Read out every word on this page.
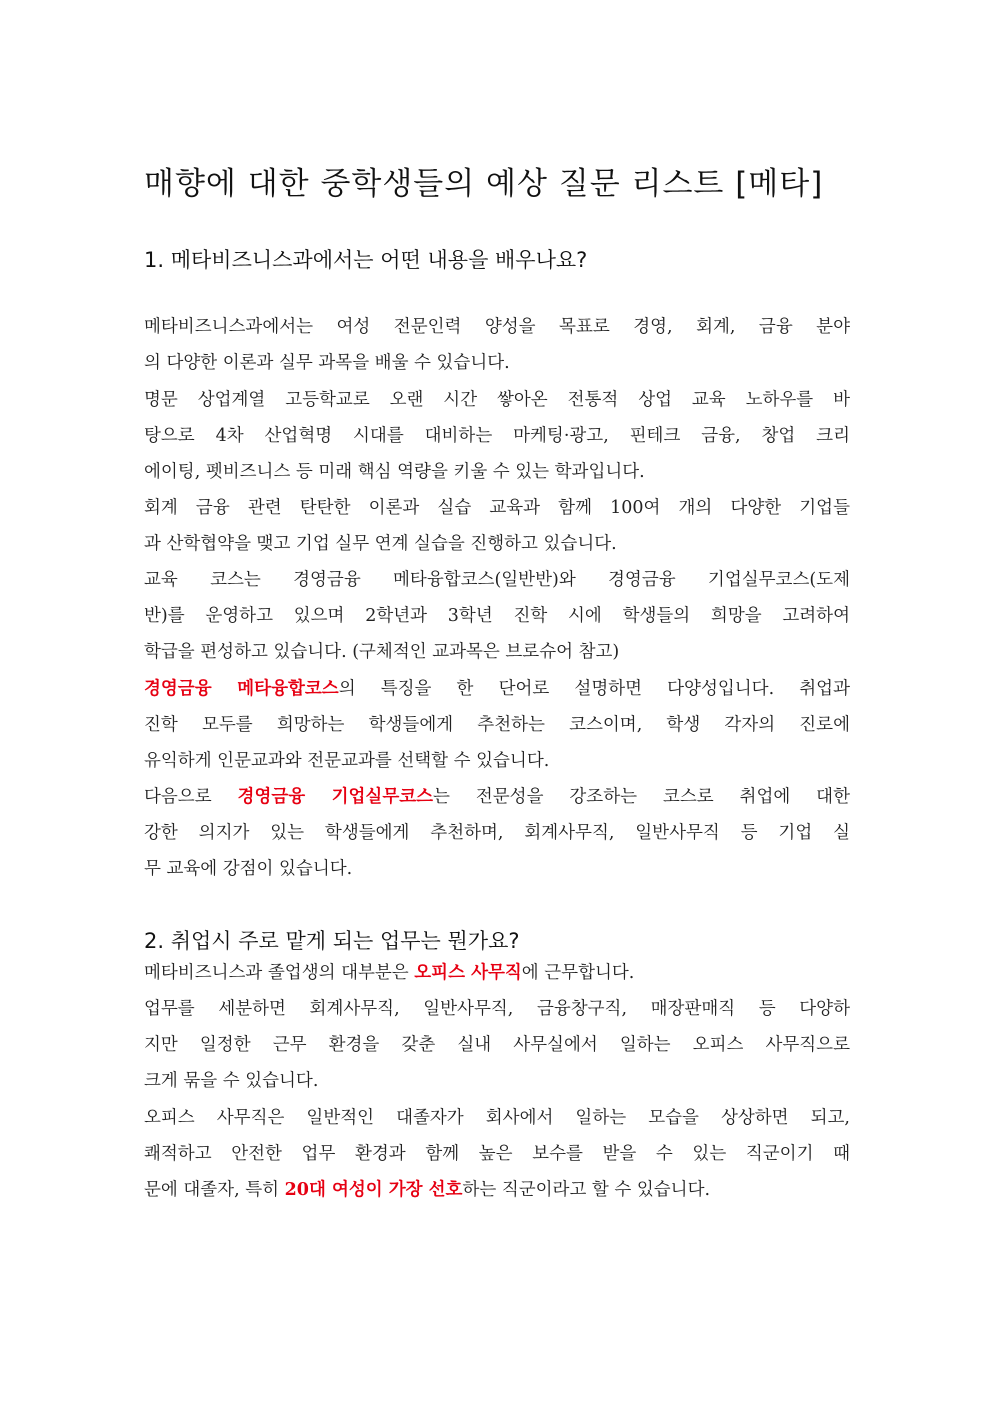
매향에 대한 중학생들의 예상 질문 리스트 [메타]
1. 메타비즈니스과에서는 어떤 내용을 배우나요?
메타비즈니스과에서는 여성 전문인력 양성을 목표로 경영, 회계, 금융 분야
의 다양한 이론과 실무 과목을 배울 수 있습니다.
명문 상업계열 고등학교로 오랜 시간 쌓아온 전통적 상업 교육 노하우를 바
탕으로 4차 산업혁명 시대를 대비하는 마케팅·광고, 핀테크 금융, 창업 크리
에이팅, 펫비즈니스 등 미래 핵심 역량을 키울 수 있는 학과입니다.
회계 금융 관련 탄탄한 이론과 실습 교육과 함께 100여 개의 다양한 기업들
과 산학협약을 맺고 기업 실무 연계 실습을 진행하고 있습니다.
교육 코스는 경영금융 메타융합코스(일반반)와 경영금융 기업실무코스(도제
반)를 운영하고 있으며 2학년과 3학년 진학 시에 학생들의 희망을 고려하여
학급을 편성하고 있습니다. (구체적인 교과목은 브로슈어 참고)
경영금융 메타융합코스의 특징을 한 단어로 설명하면 다양성입니다. 취업과
진학 모두를 희망하는 학생들에게 추천하는 코스이며, 학생 각자의 진로에
유익하게 인문교과와 전문교과를 선택할 수 있습니다.
다음으로 경영금융 기업실무코스는 전문성을 강조하는 코스로 취업에 대한
강한 의지가 있는 학생들에게 추천하며, 회계사무직, 일반사무직 등 기업 실
무 교육에 강점이 있습니다.
2. 취업시 주로 맡게 되는 업무는 뭔가요?
메타비즈니스과 졸업생의 대부분은 오피스 사무직에 근무합니다.
업무를 세분하면 회계사무직, 일반사무직, 금융창구직, 매장판매직 등 다양하
지만 일정한 근무 환경을 갖춘 실내 사무실에서 일하는 오피스 사무직으로
크게 묶을 수 있습니다.
오피스 사무직은 일반적인 대졸자가 회사에서 일하는 모습을 상상하면 되고,
쾌적하고 안전한 업무 환경과 함께 높은 보수를 받을 수 있는 직군이기 때
문에 대졸자, 특히 20대 여성이 가장 선호하는 직군이라고 할 수 있습니다.
